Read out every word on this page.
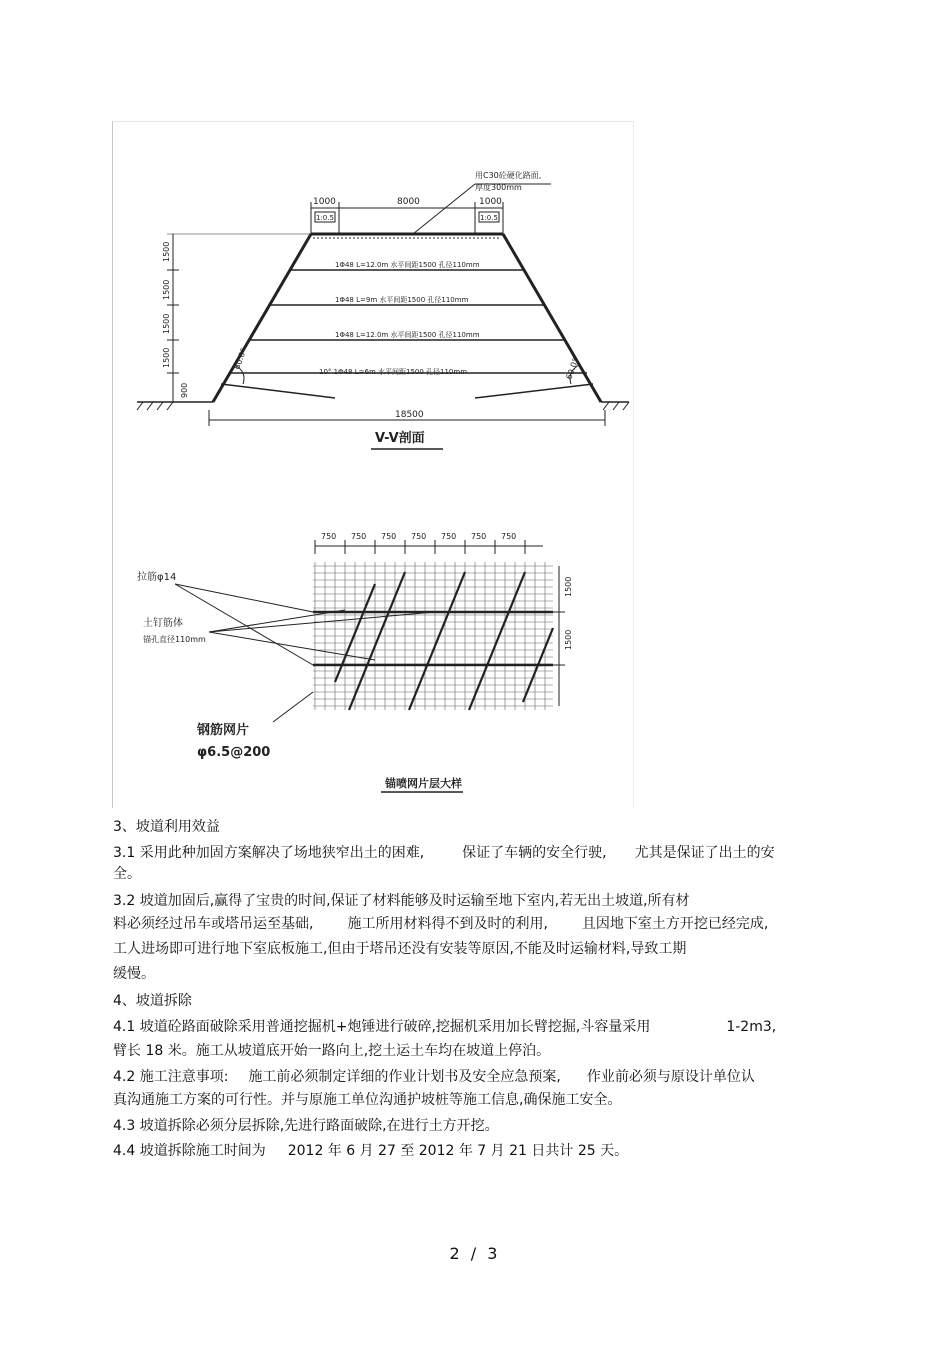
用C30砼硬化路面,
厚度300mm
1000	8000	1000
1:0.5	1:0.5
1Φ48 L=12.0m 水平间距1500 孔径110mm
1Φ48 L=9m 水平间距1500 孔径110mm
1Φ48 L=12.0m 水平间距1500 孔径110mm
10° 1Φ48 L=6m 水平间距1500 孔径110mm
60.0°	60.0°
1500
1500
1500
1500
900
18500
V-V剖面
750 750 750 750 750 750 750
1500
1500
拉筋φ14
土钉筋体
锚孔直径110mm
钢筋网片
φ6.5@200
锚喷网片层大样
3、坡道利用效益
3.1 采用此种加固方案解决了场地狭窄出土的困难,	保证了车辆的安全行驶, 尤其是保证了出土的安
全。
3.2 坡道加固后,赢得了宝贵的时间,保证了材料能够及时运输至地下室内,若无出土坡道,所有材
料必须经过吊车或塔吊运至基础, 施工所用材料得不到及时的利用, 且因地下室土方开挖已经完成,
工人进场即可进行地下室底板施工,但由于塔吊还没有安装等原因,不能及时运输材料,导致工期
缓慢。
4、坡道拆除
4.1 坡道砼路面破除采用普通挖掘机+炮锤进行破碎,挖掘机采用加长臂挖掘,斗容量采用	1-2m3,
臂长 18 米。施工从坡道底开始一路向上,挖土运土车均在坡道上停泊。
4.2 施工注意事项: 施工前必须制定详细的作业计划书及安全应急预案, 作业前必须与原设计单位认
真沟通施工方案的可行性。并与原施工单位沟通护坡桩等施工信息,确保施工安全。
4.3 坡道拆除必须分层拆除,先进行路面破除,在进行土方开挖。
4.4 坡道拆除施工时间为 2012 年 6 月 27 至 2012 年 7 月 21 日共计 25 天。
2 / 3
